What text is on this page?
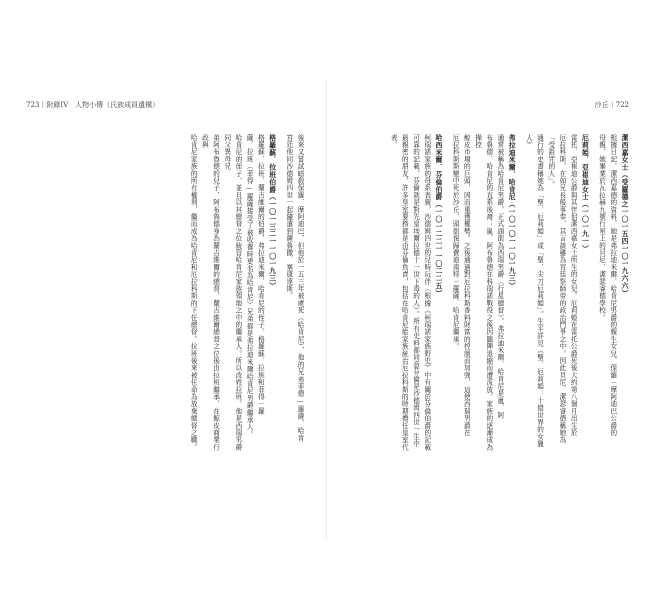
723｜附錄IV　人物小傳（氏族成員遺構）	沙丘｜722
潔西嘉女士（受羅德之一〇一五四一〇一九六六）
根據日記、潔西嘉德的資料，她是弗拉迪米爾．哈肯尼男爵的親生女兒、保羅－摩阿迪巴公爵的
母親，她畢業於瓦拉赫九號行星上的貝尼．潔瑟睿德學校。
厄莉婭．亞崔迪女士（一〇一九一）
雷托．亞崔迪公爵與其伴侶潔西嘉女士所生的女兒。厄莉婭在雷托公爵死後大約第八個月出生於
厄拉科斯，在如兄長般事奉、其言談雖為宮廷祭師帝的政治鬥爭之中。因此貝尼．潔瑟睿德稱她為「受詛咒的人」。
通行的史書稱她為「聖．厄莉婭」或「聖．尖刀厄莉婭」。生平詳見《聖．厄莉婭：十億世界的女獵人》
弗拉迪米爾．哈肯尼（一〇一〇一一〇一九三）
通常被稱為哈肯尼男爵，正式頭銜為西瑞男爵（行星總督）。弗拉迪米爾．哈肯尼是嵐．阿
布魯德．哈肯尼的直系後裔；嵐．阿布魯德在科瑞諾戰役之後因臨陣退縮而遭流放。家族的逐漸成為操控
鯨皮市場的巨頭，因而重獲權勢。之後通過對厄拉科斯香料財富的控制而加強，這使西瑞男爵在
厄拉科斯斯變中死於沙丘，頭銜復歸費迪南特－羅薩．哈肯尼繼承。
哈西米爾．芬倫伯爵（一〇一二二一一〇二二五）
柯瑞諾家族的母系表親，沙德姆四世的兒時玩伴（根據《柯瑞諾家族野史》中有關於芬倫伯爵的記載
可靠的記載，芬倫就是對先皇埃爾拉德十一世下毒的人）。所有史料都同意芬倫是沙德姆四世一生中
最親密的朋友。許多皇室要務都是由芬倫負責，包括在哈肯尼能家族統治厄拉科斯的時期擔任皇室代表。
後來又嘗試暗殺保羅．摩阿迪巴，但他於一五三年被處死（哈肯尼），他的兄弟菲德—羅薩．哈肯
宮廷他同沙德姆四世一起隨遣到薩魯撒．塞康達斯。
格羅蘇．拉班伯爵（一〇一三二一一〇一九三）
格羅蘇．拉班．蘭吉維爾的伯爵，弗拉迪米爾．哈肯尼的侄子。格羅蘇．拉班和菲得－羅
薩．拉班（菲得—羅薩接受了被收養時更名為哈肯尼）兄弟都是弗拉迪米爾哈肯尼男爵繼承人。
哈肯尼的侄子，並且以其總督之位統管哈肯尼家族領地之中的繼承人。所以改姓拉班。他是西瑞男爵同父異母兄
弟阿布魯德的兒子，阿布魯德身為蘭吉維爾的總督，蘭吉維爾總督之位後由拉班繼承，在鯨皮商業行政與
哈肯尼家族的所有權利，繼而成為哈肯尼和厄拉科斯的下任總督。拉班後來被任命為放棄總督之職。
